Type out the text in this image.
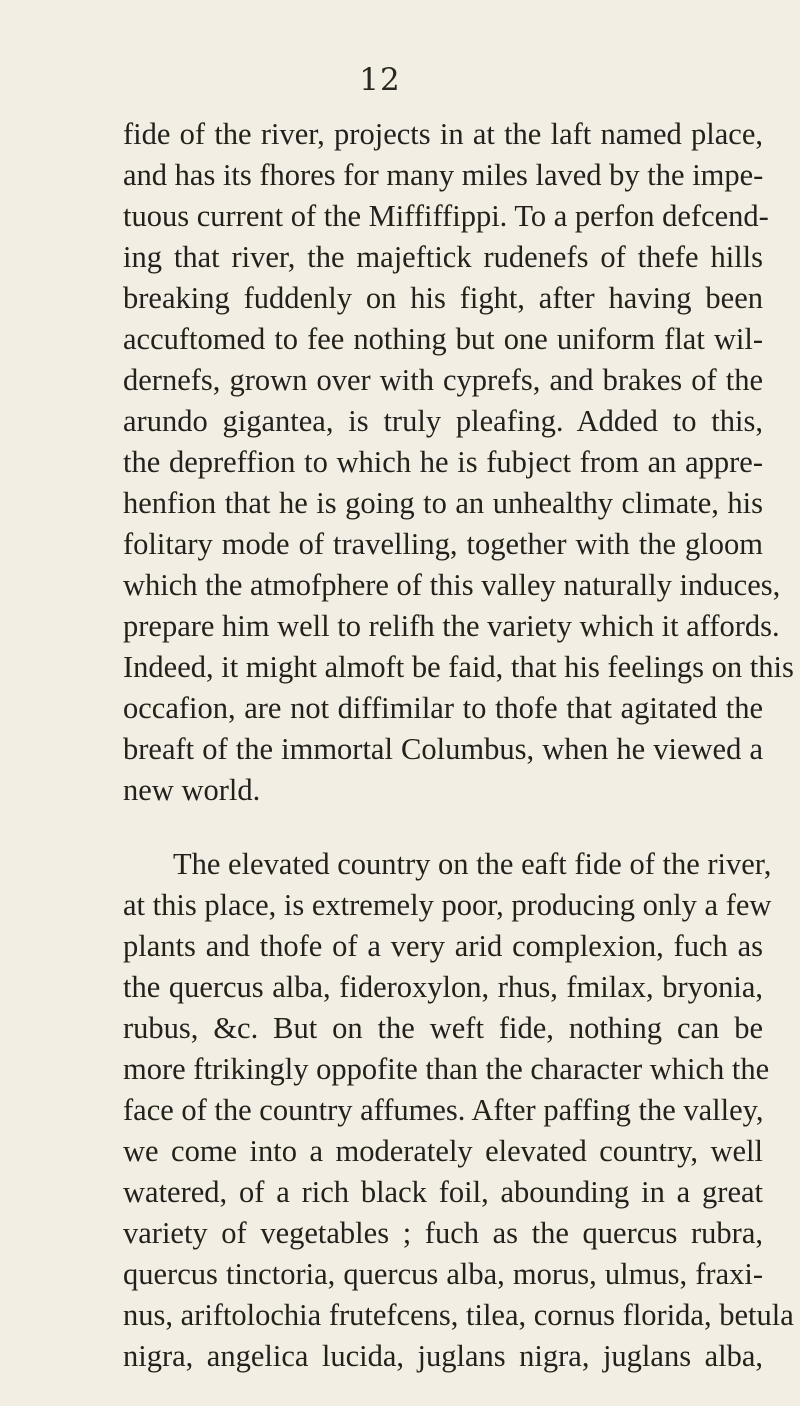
12
fide of the river, projects in at the laft named place,
and has its fhores for many miles laved by the impe-
tuous current of the Miffiffippi. To a perfon defcend-
ing that river, the majeftick rudenefs of thefe hills
breaking fuddenly on his fight, after having been
accuftomed to fee nothing but one uniform flat wil-
dernefs, grown over with cyprefs, and brakes of the
arundo gigantea, is truly pleafing. Added to this,
the depreffion to which he is fubject from an appre-
henfion that he is going to an unhealthy climate, his
folitary mode of travelling, together with the gloom
which the atmofphere of this valley naturally induces,
prepare him well to relifh the variety which it affords.
Indeed, it might almoft be faid, that his feelings on this
occafion, are not diffimilar to thofe that agitated the
breaft of the immortal Columbus, when he viewed a
new world.
The elevated country on the eaft fide of the river,
at this place, is extremely poor, producing only a few
plants and thofe of a very arid complexion, fuch as
the quercus alba, fideroxylon, rhus, fmilax, bryonia,
rubus, &c. But on the weft fide, nothing can be
more ftrikingly oppofite than the character which the
face of the country affumes. After paffing the valley,
we come into a moderately elevated country, well
watered, of a rich black foil, abounding in a great
variety of vegetables ; fuch as the quercus rubra,
quercus tinctoria, quercus alba, morus, ulmus, fraxi-
nus, ariftolochia frutefcens, tilea, cornus florida, betula
nigra, angelica lucida, juglans nigra, juglans alba,
